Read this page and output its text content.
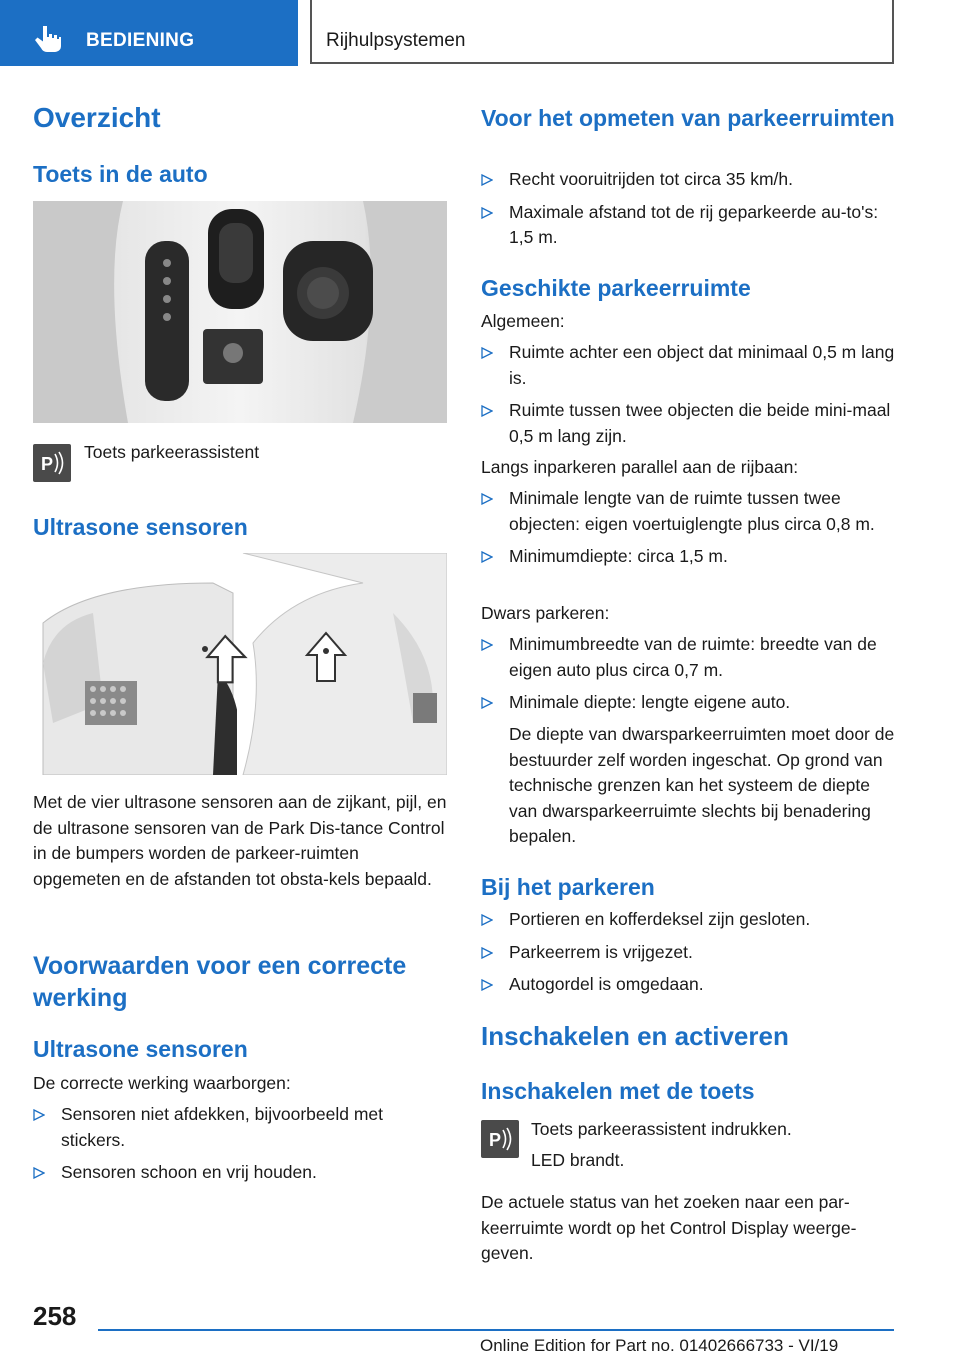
BEDIENING	Rijhulpsystemen
Overzicht
Toets in de auto
P

Toets parkeerassistent

Ultrasone sensoren

Met de vier ultrasone sensoren aan de zijkant, pijl, en de ultrasone sensoren van de Park Dis-tance Control in de bumpers worden de parkeer-ruimten opgemeten en de afstanden tot obsta-kels bepaald.

Voorwaarden voor een correcte werking
Ultrasone sensoren

De correcte werking waarborgen:

Sensoren niet afdekken, bijvoorbeeld met stickers.
Sensoren schoon en vrij houden.
Voor het opmeten van parkeerruimten
Recht vooruitrijden tot circa 35 km/h.
Maximale afstand tot de rij geparkeerde au-to's: 1,5 m.
Geschikte parkeerruimte

Algemeen:

Ruimte achter een object dat minimaal 0,5 m lang is.
Ruimte tussen twee objecten die beide mini-maal 0,5 m lang zijn.

Langs inparkeren parallel aan de rijbaan:

Minimale lengte van de ruimte tussen twee objecten: eigen voertuiglengte plus circa 0,8 m.
Minimumdiepte: circa 1,5 m.

Dwars parkeren:

Minimumbreedte van de ruimte: breedte van de eigen auto plus circa 0,7 m.
Minimale diepte: lengte eigene auto.

De diepte van dwarsparkeerruimten moet door de bestuurder zelf worden ingeschat. Op grond van technische grenzen kan het systeem de diepte van dwarsparkeerruimte slechts bij benadering bepalen.

Bij het parkeren
Portieren en kofferdeksel zijn gesloten.
Parkeerrem is vrijgezet.
Autogordel is omgedaan.
Inschakelen en activeren
Inschakelen met de toets
P

Toets parkeerassistent indrukken.

LED brandt.

De actuele status van het zoeken naar een par-keerruimte wordt op het Control Display weerge-geven.

258
Online Edition for Part no. 01402666733 - VI/19
